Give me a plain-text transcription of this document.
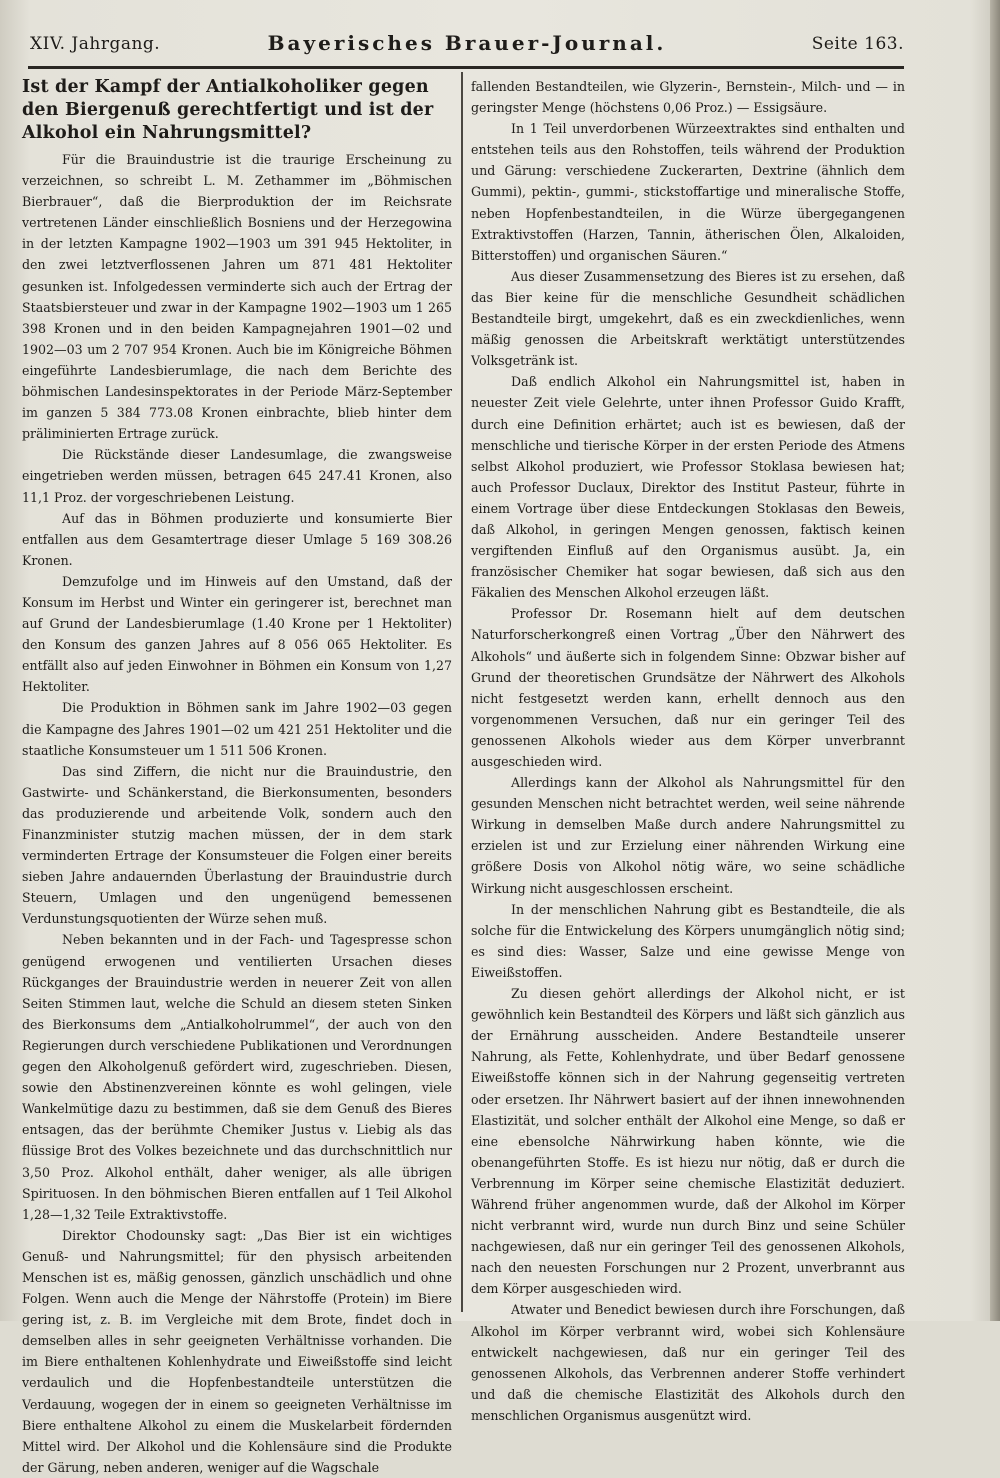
XIV. Jahrgang.	Bayerisches Brauer-Journal.	Seite 163.
Ist der Kampf der Antialkoholiker gegen den Biergenuß gerechtfertigt und ist der Alkohol ein Nahrungsmittel?

Für die Brauindustrie ist die traurige Erscheinung zu verzeichnen, so schreibt L. M. Zethammer im „Böhmischen Bierbrauer“, daß die Bierproduktion der im Reichsrate vertretenen Länder einschließlich Bosniens und der Herzegowina in der letzten Kampagne 1902—1903 um 391 945 Hektoliter, in den zwei letztverflossenen Jahren um 871 481 Hektoliter gesunken ist. Infolgedessen verminderte sich auch der Ertrag der Staatsbiersteuer und zwar in der Kampagne 1902—1903 um 1 265 398 Kronen und in den beiden Kampagnejahren 1901—02 und 1902—03 um 2 707 954 Kronen. Auch bie im Königreiche Böhmen eingeführte Landesbierumlage, die nach dem Berichte des böhmischen Landesinspektorates in der Periode März-September im ganzen 5 384 773.08 Kronen einbrachte, blieb hinter dem präliminierten Ertrage zurück.

Die Rückstände dieser Landesumlage, die zwangsweise eingetrieben werden müssen, betragen 645 247.41 Kronen, also 11,1 Proz. der vorgeschriebenen Leistung.

Auf das in Böhmen produzierte und konsumierte Bier entfallen aus dem Gesamtertrage dieser Umlage 5 169 308.26 Kronen.

Demzufolge und im Hinweis auf den Umstand, daß der Konsum im Herbst und Winter ein geringerer ist, berechnet man auf Grund der Landesbierumlage (1.40 Krone per 1 Hektoliter) den Konsum des ganzen Jahres auf 8 056 065 Hektoliter. Es entfällt also auf jeden Einwohner in Böhmen ein Konsum von 1,27 Hektoliter.

Die Produktion in Böhmen sank im Jahre 1902—03 gegen die Kampagne des Jahres 1901—02 um 421 251 Hektoliter und die staatliche Konsumsteuer um 1 511 506 Kronen.

Das sind Ziffern, die nicht nur die Brauindustrie, den Gastwirte- und Schänkerstand, die Bierkonsumenten, besonders das produzierende und arbeitende Volk, sondern auch den Finanzminister stutzig machen müssen, der in dem stark verminderten Ertrage der Konsumsteuer die Folgen einer bereits sieben Jahre andauernden Überlastung der Brauindustrie durch Steuern, Umlagen und den ungenügend bemessenen Verdunstungsquotienten der Würze sehen muß.

Neben bekannten und in der Fach- und Tagespresse schon genügend erwogenen und ventilierten Ursachen dieses Rückganges der Brauindustrie werden in neuerer Zeit von allen Seiten Stimmen laut, welche die Schuld an diesem steten Sinken des Bierkonsums dem „Antialkoholrummel“, der auch von den Regierungen durch verschiedene Publikationen und Verordnungen gegen den Alkoholgenuß gefördert wird, zugeschrieben. Diesen, sowie den Abstinenzvereinen könnte es wohl gelingen, viele Wankelmütige dazu zu bestimmen, daß sie dem Genuß des Bieres entsagen, das der berühmte Chemiker Justus v. Liebig als das flüssige Brot des Volkes bezeichnete und das durchschnittlich nur 3,50 Proz. Alkohol enthält, daher weniger, als alle übrigen Spirituosen. In den böhmischen Bieren entfallen auf 1 Teil Alkohol 1,28—1,32 Teile Extraktivstoffe.

Direktor Chodounsky sagt: „Das Bier ist ein wichtiges Genuß- und Nahrungsmittel; für den physisch arbeitenden Menschen ist es, mäßig genossen, gänzlich unschädlich und ohne Folgen. Wenn auch die Menge der Nährstoffe (Protein) im Biere gering ist, z. B. im Vergleiche mit dem Brote, findet doch in demselben alles in sehr geeigneten Verhältnisse vorhanden. Die im Biere enthaltenen Kohlenhydrate und Eiweißstoffe sind leicht verdaulich und die Hopfenbestandteile unterstützen die Verdauung, wogegen der in einem so geeigneten Verhältnisse im Biere enthaltene Alkohol zu einem die Muskelarbeit fördernden Mittel wird. Der Alkohol und die Kohlensäure sind die Produkte der Gärung, neben anderen, weniger auf die Wagschale

fallenden Bestandteilen, wie Glyzerin-, Bernstein-, Milch- und — in geringster Menge (höchstens 0,06 Proz.) — Essigsäure.

In 1 Teil unverdorbenen Würzeextraktes sind enthalten und entstehen teils aus den Rohstoffen, teils während der Produktion und Gärung: verschiedene Zuckerarten, Dextrine (ähnlich dem Gummi), pektin-, gummi-, stickstoffartige und mineralische Stoffe, neben Hopfenbestandteilen, in die Würze übergegangenen Extraktivstoffen (Harzen, Tannin, ätherischen Ölen, Alkaloiden, Bitterstoffen) und organischen Säuren.“

Aus dieser Zusammensetzung des Bieres ist zu ersehen, daß das Bier keine für die menschliche Gesundheit schädlichen Bestandteile birgt, umgekehrt, daß es ein zweckdienliches, wenn mäßig genossen die Arbeitskraft werktätigt unterstützendes Volksgetränk ist.

Daß endlich Alkohol ein Nahrungsmittel ist, haben in neuester Zeit viele Gelehrte, unter ihnen Professor Guido Krafft, durch eine Definition erhärtet; auch ist es bewiesen, daß der menschliche und tierische Körper in der ersten Periode des Atmens selbst Alkohol produziert, wie Professor Stoklasa bewiesen hat; auch Professor Duclaux, Direktor des Institut Pasteur, führte in einem Vortrage über diese Entdeckungen Stoklasas den Beweis, daß Alkohol, in geringen Mengen genossen, faktisch keinen vergiftenden Einfluß auf den Organismus ausübt. Ja, ein französischer Chemiker hat sogar bewiesen, daß sich aus den Fäkalien des Menschen Alkohol erzeugen läßt.

Professor Dr. Rosemann hielt auf dem deutschen Naturforscherkongreß einen Vortrag „Über den Nährwert des Alkohols“ und äußerte sich in folgendem Sinne: Obzwar bisher auf Grund der theoretischen Grundsätze der Nährwert des Alkohols nicht festgesetzt werden kann, erhellt dennoch aus den vorgenommenen Versuchen, daß nur ein geringer Teil des genossenen Alkohols wieder aus dem Körper unverbrannt ausgeschieden wird.

Allerdings kann der Alkohol als Nahrungsmittel für den gesunden Menschen nicht betrachtet werden, weil seine nährende Wirkung in demselben Maße durch andere Nahrungsmittel zu erzielen ist und zur Erzielung einer nährenden Wirkung eine größere Dosis von Alkohol nötig wäre, wo seine schädliche Wirkung nicht ausgeschlossen erscheint.

In der menschlichen Nahrung gibt es Bestandteile, die als solche für die Entwickelung des Körpers unumgänglich nötig sind; es sind dies: Wasser, Salze und eine gewisse Menge von Eiweißstoffen.

Zu diesen gehört allerdings der Alkohol nicht, er ist gewöhnlich kein Bestandteil des Körpers und läßt sich gänzlich aus der Ernährung ausscheiden. Andere Bestandteile unserer Nahrung, als Fette, Kohlenhydrate, und über Bedarf genossene Eiweißstoffe können sich in der Nahrung gegenseitig vertreten oder ersetzen. Ihr Nährwert basiert auf der ihnen innewohnenden Elastizität, und solcher enthält der Alkohol eine Menge, so daß er eine ebensolche Nährwirkung haben könnte, wie die obenangeführten Stoffe. Es ist hiezu nur nötig, daß er durch die Verbrennung im Körper seine chemische Elastizität deduziert. Während früher angenommen wurde, daß der Alkohol im Körper nicht verbrannt wird, wurde nun durch Binz und seine Schüler nachgewiesen, daß nur ein geringer Teil des genossenen Alkohols, nach den neuesten Forschungen nur 2 Prozent, unverbrannt aus dem Körper ausgeschieden wird.

Atwater und Benedict bewiesen durch ihre Forschungen, daß Alkohol im Körper verbrannt wird, wobei sich Kohlensäure entwickelt nachgewiesen, daß nur ein geringer Teil des genossenen Alkohols, das Verbrennen anderer Stoffe verhindert und daß die chemische Elastizität des Alkohols durch den menschlichen Organismus ausgenützt wird.
